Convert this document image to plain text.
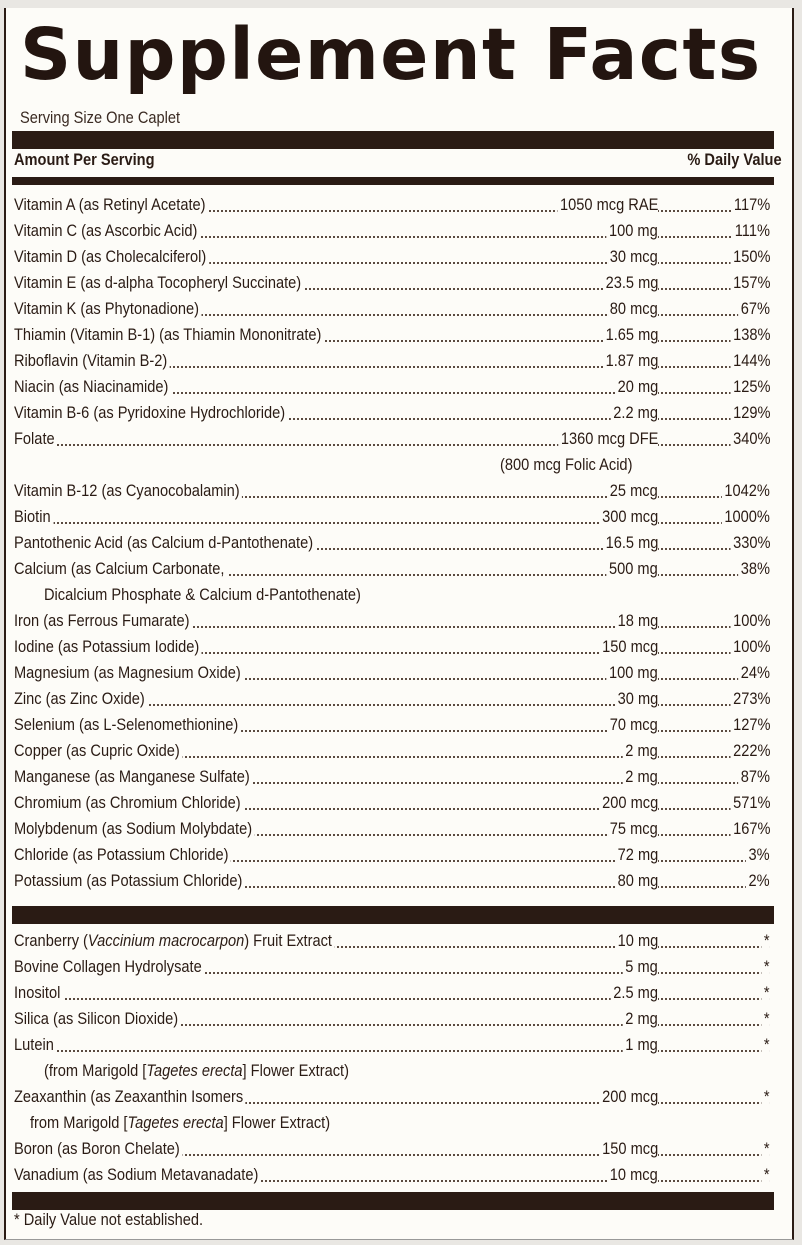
Supplement Facts
Serving Size One Caplet
Amount Per Serving	% Daily Value
Vitamin A (as Retinyl Acetate)	1050 mcg RAE	117%
Vitamin C (as Ascorbic Acid)	100 mg	111%
Vitamin D (as Cholecalciferol)	30 mcg	150%
Vitamin E (as d-alpha Tocopheryl Succinate)	23.5 mg	157%
Vitamin K (as Phytonadione)	80 mcg	67%
Thiamin (Vitamin B-1) (as Thiamin Mononitrate)	1.65 mg	138%
Riboflavin (Vitamin B-2)	1.87 mg	144%
Niacin (as Niacinamide)	20 mg	125%
Vitamin B-6 (as Pyridoxine Hydrochloride)	2.2 mg	129%
Folate	1360 mcg DFE	340%
(800 mcg Folic Acid)
Vitamin B-12 (as Cyanocobalamin)	25 mcg	1042%
Biotin	300 mcg	1000%
Pantothenic Acid (as Calcium d-Pantothenate)	16.5 mg	330%
Calcium (as Calcium Carbonate,	500 mg	38%
Dicalcium Phosphate & Calcium d-Pantothenate)
Iron (as Ferrous Fumarate)	18 mg	100%
Iodine (as Potassium Iodide)	150 mcg	100%
Magnesium (as Magnesium Oxide)	100 mg	24%
Zinc (as Zinc Oxide)	30 mg	273%
Selenium (as L-Selenomethionine)	70 mcg	127%
Copper (as Cupric Oxide)	2 mg	222%
Manganese (as Manganese Sulfate)	2 mg	87%
Chromium (as Chromium Chloride)	200 mcg	571%
Molybdenum (as Sodium Molybdate)	75 mcg	167%
Chloride (as Potassium Chloride)	72 mg	3%
Potassium (as Potassium Chloride)	80 mg	2%
Cranberry (Vaccinium macrocarpon) Fruit Extract	10 mg	*
Bovine Collagen Hydrolysate	5 mg	*
Inositol	2.5 mg	*
Silica (as Silicon Dioxide)	2 mg	*
Lutein	1 mg	*
(from Marigold [Tagetes erecta] Flower Extract)
Zeaxanthin (as Zeaxanthin Isomers	200 mcg	*
from Marigold [Tagetes erecta] Flower Extract)
Boron (as Boron Chelate)	150 mcg	*
Vanadium (as Sodium Metavanadate)	10 mcg	*
* Daily Value not established.
